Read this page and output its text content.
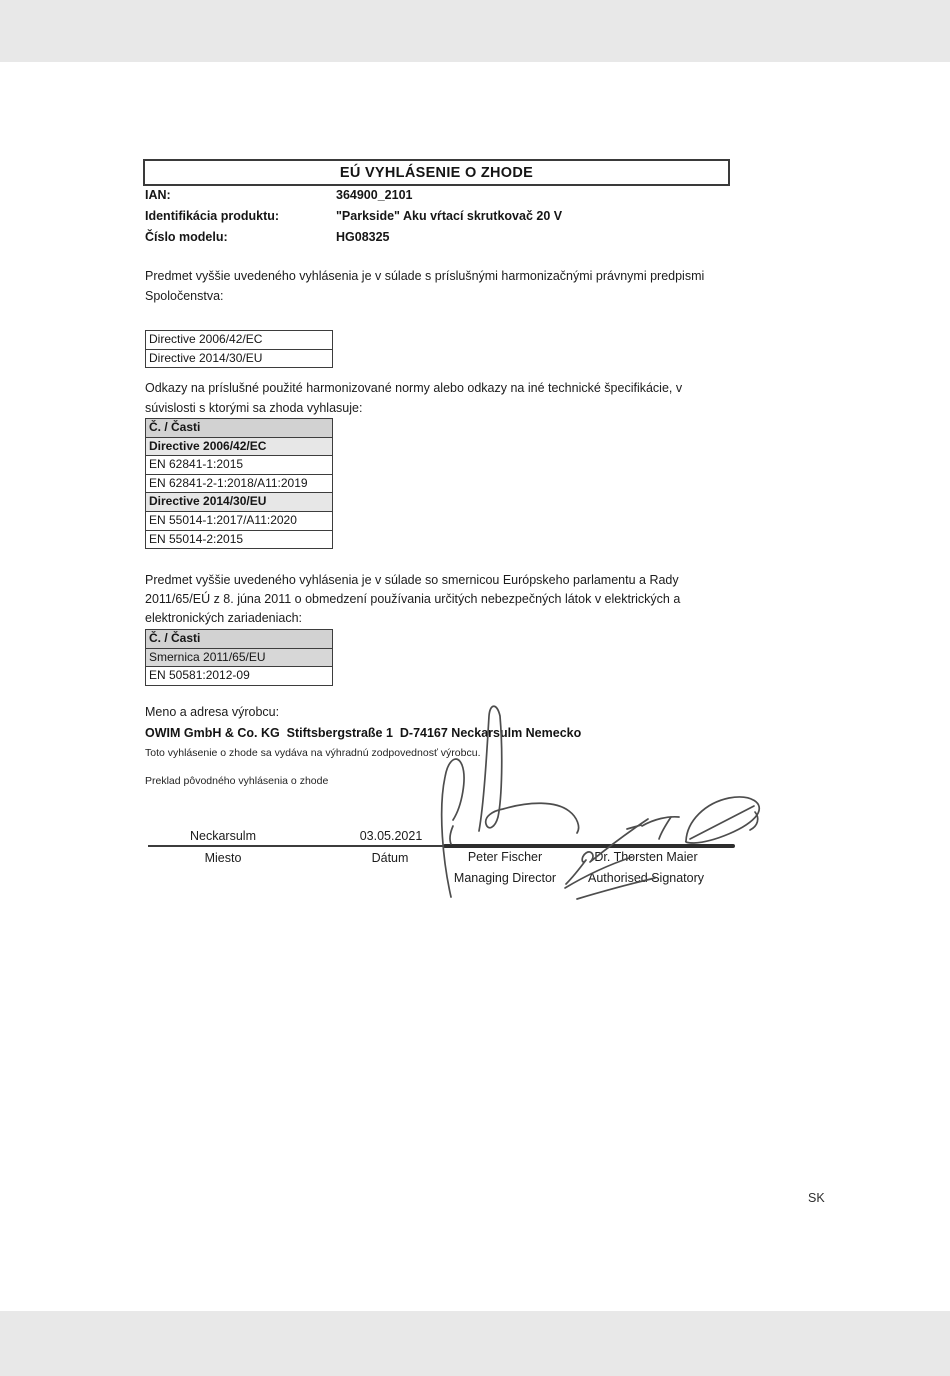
EÚ VYHLÁSENIE O ZHODE
IAN:	364900_2101
Identifikácia produktu:	"Parkside" Aku vŕtací skrutkovač 20 V
Číslo modelu:	HG08325
Predmet vyššie uvedeného vyhlásenia je v súlade s príslušnými harmonizačnými právnymi predpismi
Spoločenstva:
Directive 2006/42/EC
Directive 2014/30/EU
Odkazy na príslušné použité harmonizované normy alebo odkazy na iné technické špecifikácie, v
súvislosti s ktorými sa zhoda vyhlasuje:
Č. / Časti
Directive 2006/42/EC
EN 62841-1:2015
EN 62841-2-1:2018/A11:2019
Directive 2014/30/EU
EN 55014-1:2017/A11:2020
EN 55014-2:2015
Predmet vyššie uvedeného vyhlásenia je v súlade so smernicou Európskeho parlamentu a Rady
2011/65/EÚ z 8. júna 2011 o obmedzení používania určitých nebezpečných látok v elektrických a
elektronických zariadeniach:
Č. / Časti
Smernica 2011/65/EU
EN 50581:2012-09
Meno a adresa výrobcu:
OWIM GmbH & Co. KG  Stiftsbergstraße 1  D-74167 Neckarsulm Nemecko
Toto vyhlásenie o zhode sa vydáva na výhradnú zodpovednosť výrobcu.
Preklad pôvodného vyhlásenia o zhode
Neckarsulm	03.05.2021
Miesto	Dátum	Peter Fischer
Managing Director
Dr. Thorsten Maier
Authorised Signatory
SK
